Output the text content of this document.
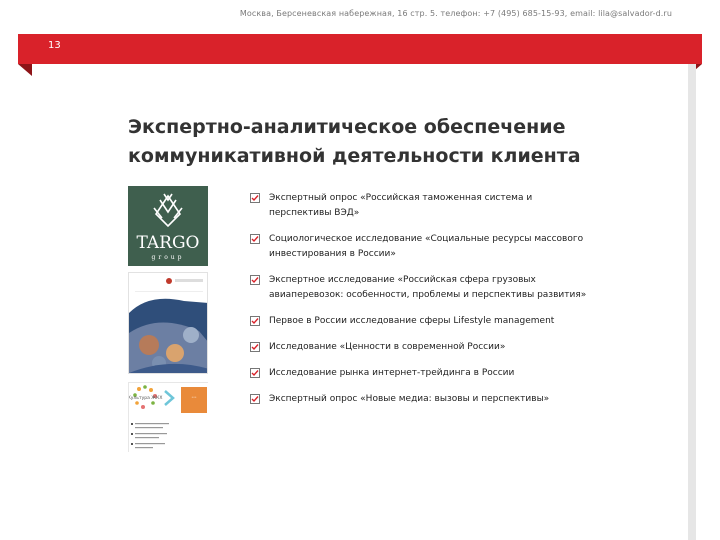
Москва, Берсеневская набережная, 16 стр. 5. телефон: +7 (495) 685-15-93, email: lila@salvador-d.ru
13
Экспертно-аналитическое обеспечение
коммуникативной деятельности клиента
TARGO
group
Культура ЖКХ	•••
Экспертный опрос «Российская таможенная система и перспективы ВЭД»
Социологическое исследование «Социальные ресурсы массового инвестирования в России»
Экспертное исследование «Российская сфера грузовых авиаперевозок: особенности, проблемы и перспективы развития»
Первое в России исследование сферы Lifestyle management
Исследование «Ценности в современной России»
Исследование рынка интернет-трейдинга в России
Экспертный опрос «Новые медиа: вызовы и перспективы»
